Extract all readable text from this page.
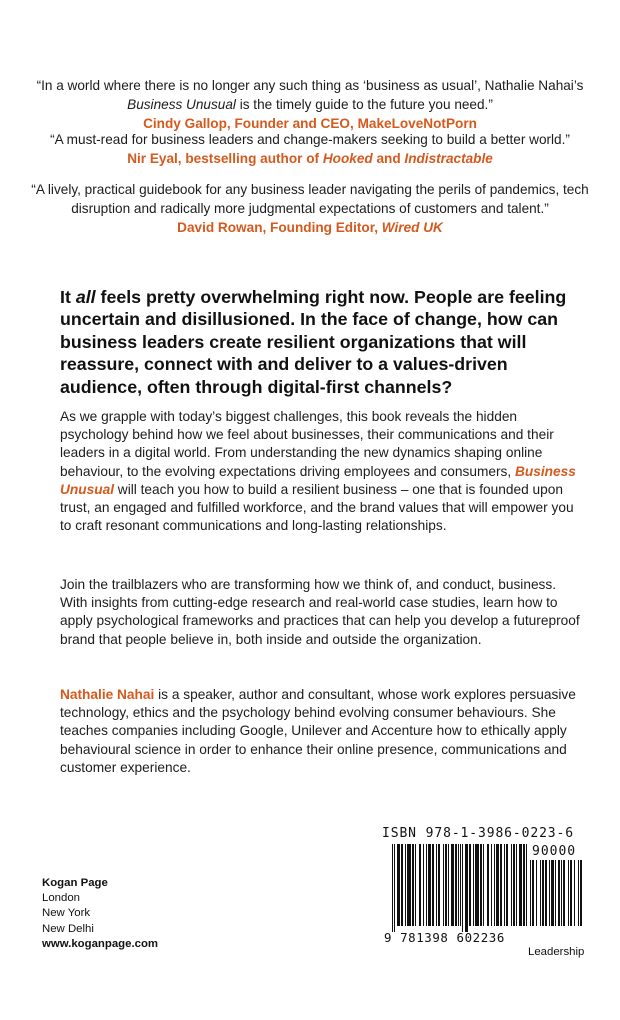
“In a world where there is no longer any such thing as ‘business as usual’, Nathalie Nahai’s Business Unusual is the timely guide to the future you need.”
Cindy Gallop, Founder and CEO, MakeLoveNotPorn
“A must-read for business leaders and change-makers seeking to build a better world.”
Nir Eyal, bestselling author of Hooked and Indistractable
“A lively, practical guidebook for any business leader navigating the perils of pandemics, tech disruption and radically more judgmental expectations of customers and talent.”
David Rowan, Founding Editor, Wired UK
It all feels pretty overwhelming right now. People are feeling uncertain and disillusioned. In the face of change, how can business leaders create resilient organizations that will reassure, connect with and deliver to a values-driven audience, often through digital-first channels?
As we grapple with today’s biggest challenges, this book reveals the hidden psychology behind how we feel about businesses, their communications and their leaders in a digital world. From understanding the new dynamics shaping online behaviour, to the evolving expectations driving employees and consumers, Business Unusual will teach you how to build a resilient business – one that is founded upon trust, an engaged and fulfilled workforce, and the brand values that will empower you to craft resonant communications and long-lasting relationships.
Join the trailblazers who are transforming how we think of, and conduct, business. With insights from cutting-edge research and real-world case studies, learn how to apply psychological frameworks and practices that can help you develop a futureproof brand that people believe in, both inside and outside the organization.
Nathalie Nahai is a speaker, author and consultant, whose work explores persuasive technology, ethics and the psychology behind evolving consumer behaviours. She teaches companies including Google, Unilever and Accenture how to ethically apply behavioural science in order to enhance their online presence, communications and customer experience.
Kogan Page
London
New York
New Delhi
www.koganpage.com
ISBN 978-1-3986-0223-6
90000
9 781398 602236
Leadership
